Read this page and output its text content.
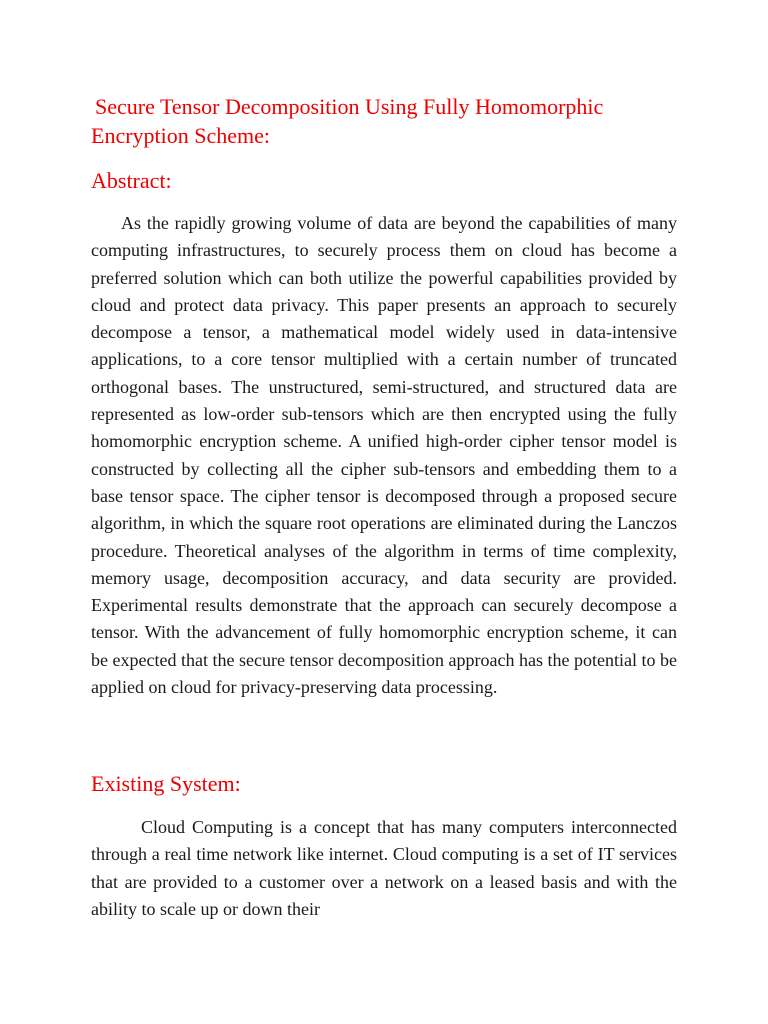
Secure Tensor Decomposition Using Fully Homomorphic Encryption Scheme:
Abstract:

As the rapidly growing volume of data are beyond the capabilities of many computing infrastructures, to securely process them on cloud has become a preferred solution which can both utilize the powerful capabilities provided by cloud and protect data privacy. This paper presents an approach to securely decompose a tensor, a mathematical model widely used in data-intensive applications, to a core tensor multiplied with a certain number of truncated orthogonal bases. The unstructured, semi-structured, and structured data are represented as low-order sub-tensors which are then encrypted using the fully homomorphic encryption scheme. A unified high-order cipher tensor model is constructed by collecting all the cipher sub-tensors and embedding them to a base tensor space. The cipher tensor is decomposed through a proposed secure algorithm, in which the square root operations are eliminated during the Lanczos procedure. Theoretical analyses of the algorithm in terms of time complexity, memory usage, decomposition accuracy, and data security are provided. Experimental results demonstrate that the approach can securely decompose a tensor. With the advancement of fully homomorphic encryption scheme, it can be expected that the secure tensor decomposition approach has the potential to be applied on cloud for privacy-preserving data processing.

Existing System:

Cloud Computing is a concept that has many computers interconnected through a real time network like internet. Cloud computing is a set of IT services that are provided to a customer over a network on a leased basis and with the ability to scale up or down their
